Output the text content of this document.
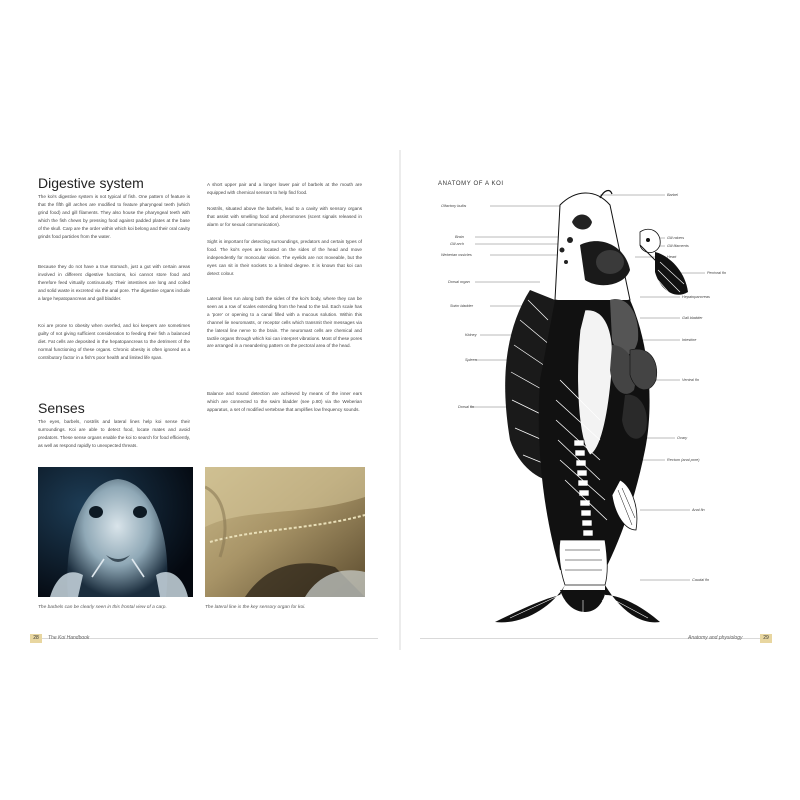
Digestive system

The koi's digestive system is not typical of fish. One pattern of feature is that the fifth gill arches are modified to feature pharyngeal teeth (which grind food) and gill filaments. They also house the pharyngeal teeth with which the fish chews by pressing food against padded plates at the base of the skull. Carp are the order within which koi belong and their oral cavity grinds food particles from the water.

Because they do not have a true stomach, just a gut with certain areas involved in different digestive functions, koi cannot store food and therefore feed virtually continuously. Their intestines are long and coiled and solid waste is excreted via the anal pore. The digestive organs include a large hepatopancreas and gall bladder.

Koi are prone to obesity when overfed, and koi keepers are sometimes guilty of not giving sufficient consideration to feeding their fish a balanced diet. Fat cells are deposited in the hepatopancreas to the detriment of the normal functioning of these organs. Chronic obesity is often ignored as a contributory factor in a fish's poor health and limited life span.

Senses

The eyes, barbels, nostrils and lateral lines help koi sense their surroundings. Koi are able to detect food, locate mates and avoid predators. These sense organs enable the koi to search for food efficiently, as well as respond rapidly to unexpected threats.

A short upper pair and a longer lower pair of barbels at the mouth are equipped with chemical sensors to help find food.

Nostrils, situated above the barbels, lead to a cavity with sensory organs that assist with smelling food and pheromones (scent signals released in alarm or for sexual communication).

Sight is important for detecting surroundings, predators and certain types of food. The koi's eyes are located on the sides of the head and move independently for monocular vision. The eyelids are not moveable, but the eyes can sit in their sockets to a limited degree. It is known that koi can detect colour.

Lateral lines run along both the sides of the koi's body, where they can be seen as a row of scales extending from the head to the tail. Each scale has a 'pore' or opening to a canal filled with a mucous solution. Within this channel lie neuromasts, or receptor cells which transmit their messages via the lateral line nerve to the brain. The neuromast cells are chemical and tactile organs through which koi can interpret vibrations. Most of these pores are arranged in a meandering pattern on the pectoral area of the head.

Balance and sound detection are achieved by means of the inner ears which are connected to the swim bladder (see p.80) via the Weberian apparatus, a set of modified vertebrae that amplifies low frequency sounds.

The barbels can be clearly seen in this frontal view of a carp.	The lateral line is the key sensory organ for koi.

ANATOMY OF A KOI
Olfactory bulbs
Brain
Gill arch
Weberian ossicles
Dorsal organ
Swim bladder
Kidney
Spleen
Dorsal fin
Barbel
Gill rakers
Gill filaments
Heart
Pectoral fin
Hepatopancreas
Gall bladder
Intestine
Ventral fin
Ovary
Rectum (anal pore)
Anal fin
Caudal fin
28	The Koi Handbook	Anatomy and physiology	29
